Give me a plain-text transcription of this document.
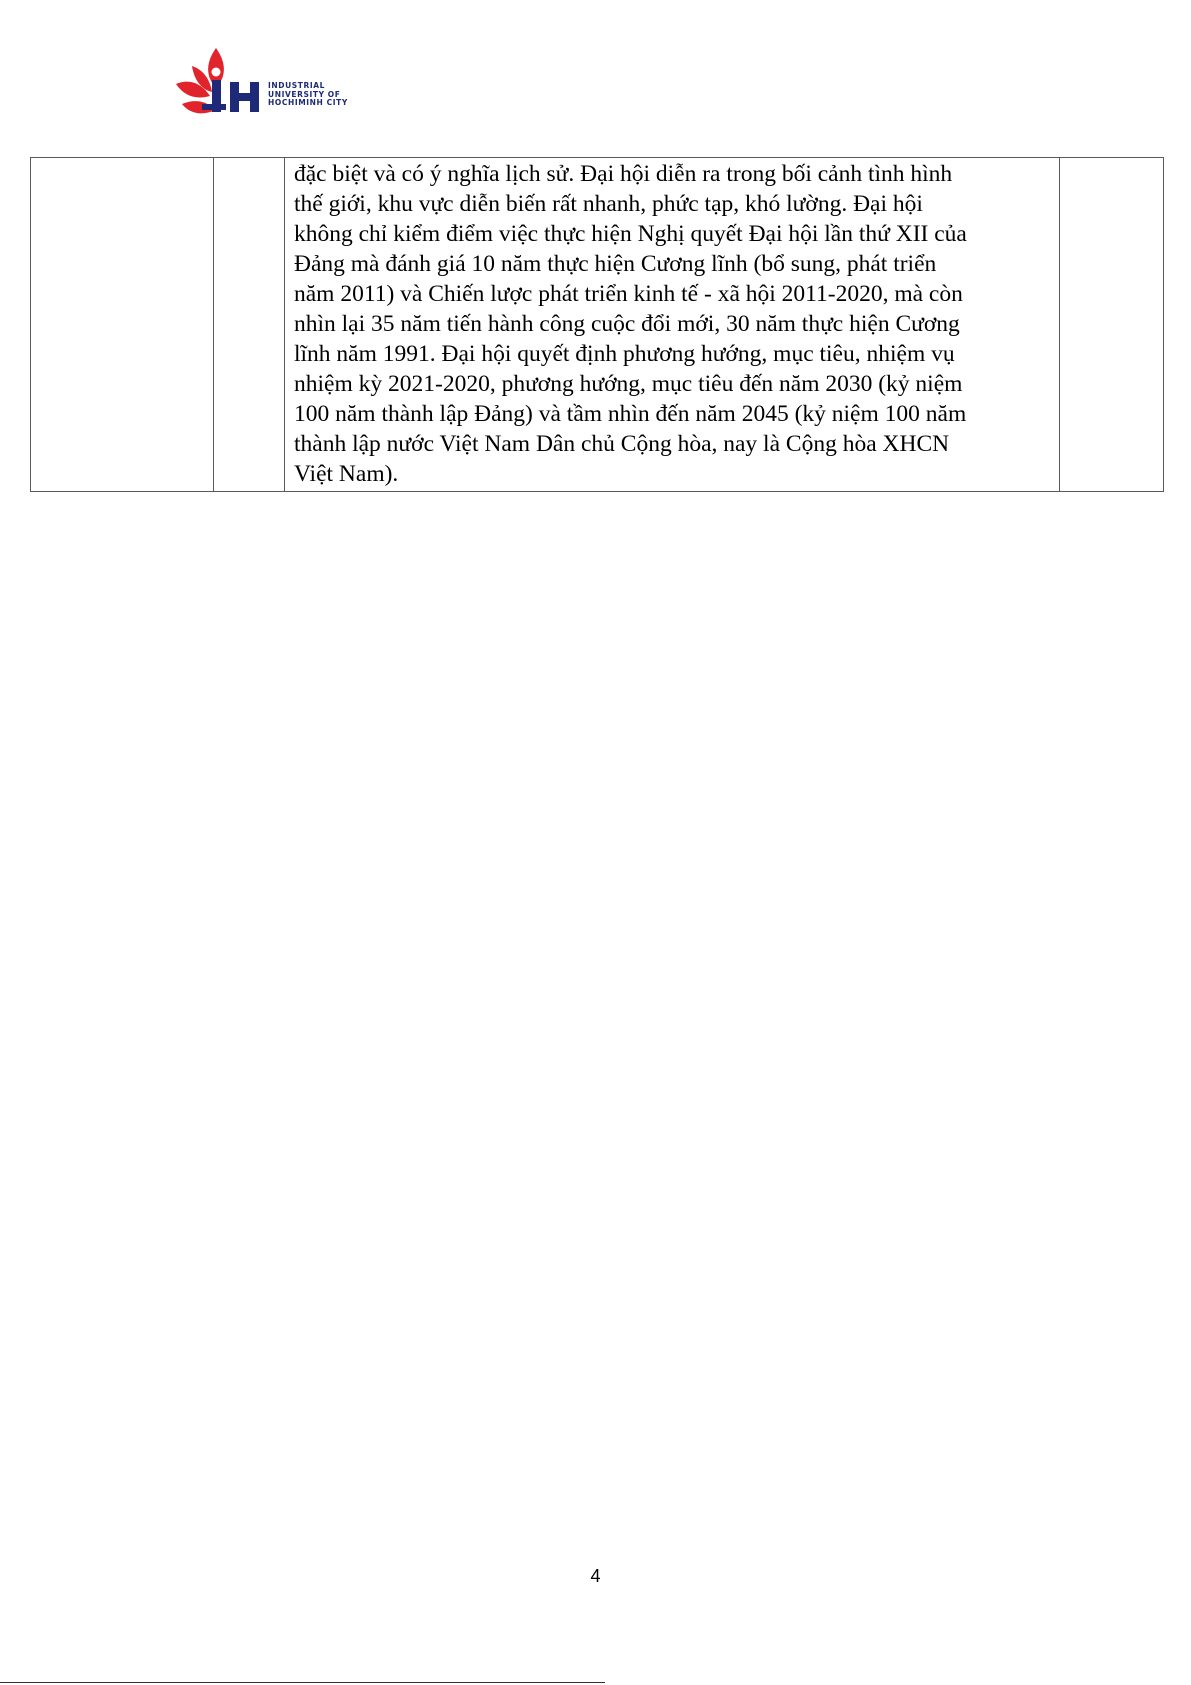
INDUSTRIAL
UNIVERSITY OF
HOCHIMINH CITY

đặc biệt và có ý nghĩa lịch sử. Đại hội diễn ra trong bối cảnh tình hình
thế giới, khu vực diễn biến rất nhanh, phức tạp, khó lường. Đại hội
không chỉ kiểm điểm việc thực hiện Nghị quyết Đại hội lần thứ XII của
Đảng mà đánh giá 10 năm thực hiện Cương lĩnh (bổ sung, phát triển
năm 2011) và Chiến lược phát triển kinh tế - xã hội 2011-2020, mà còn
nhìn lại 35 năm tiến hành công cuộc đổi mới, 30 năm thực hiện Cương
lĩnh năm 1991. Đại hội quyết định phương hướng, mục tiêu, nhiệm vụ
nhiệm kỳ 2021-2020, phương hướng, mục tiêu đến năm 2030 (kỷ niệm
100 năm thành lập Đảng) và tầm nhìn đến năm 2045 (kỷ niệm 100 năm
thành lập nước Việt Nam Dân chủ Cộng hòa, nay là Cộng hòa XHCN
Việt Nam).

4
